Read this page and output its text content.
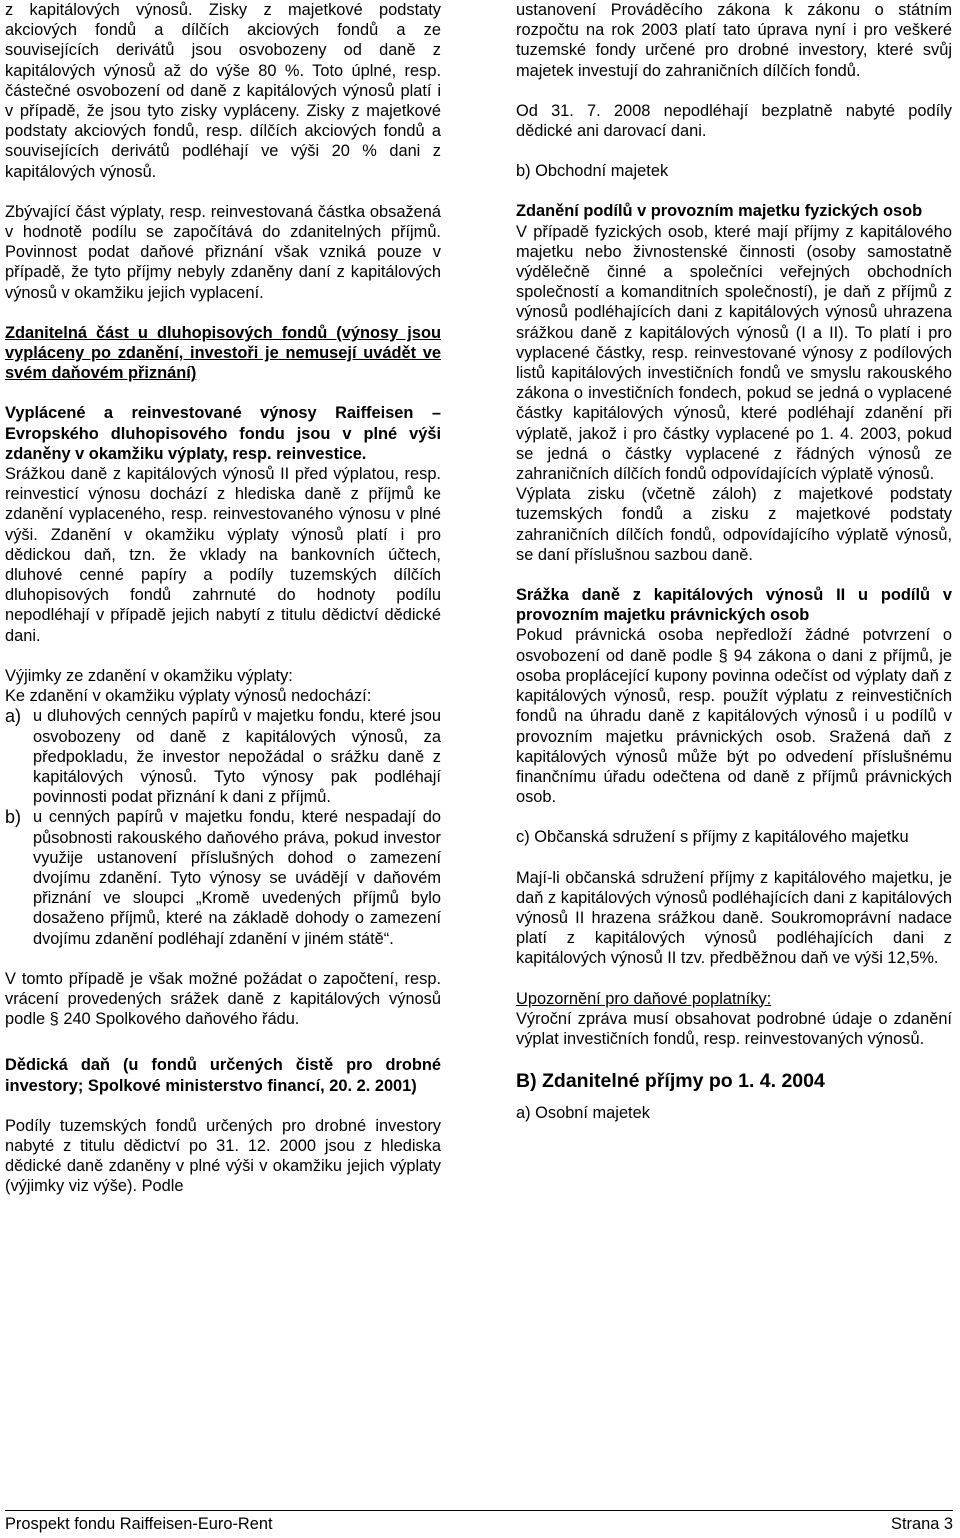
z kapitálových výnosů. Zisky z majetkové podstaty akciových fondů a dílčích akciových fondů a ze souvisejících derivátů jsou osvobozeny od daně z kapitálových výnosů až do výše 80 %. Toto úplné, resp. částečné osvobození od daně z kapitálových výnosů platí i v případě, že jsou tyto zisky vypláceny. Zisky z majetkové podstaty akciových fondů, resp. dílčích akciových fondů a souvisejících derivátů podléhají ve výši 20 % dani z kapitálových výnosů.

Zbývající část výplaty, resp. reinvestovaná částka obsažená v hodnotě podílu se započítává do zdanitelných příjmů. Povinnost podat daňové přiznání však vzniká pouze v případě, že tyto příjmy nebyly zdaněny daní z kapitálových výnosů v okamžiku jejich vyplacení.

Zdanitelná část u dluhopisových fondů (výnosy jsou vypláceny po zdanění, investoři je nemusejí uvádět ve svém daňovém přiznání)

Vyplácené a reinvestované výnosy Raiffeisen – Evropského dluhopisového fondu jsou v plné výši zdaněny v okamžiku výplaty, resp. reinvestice.

Srážkou daně z kapitálových výnosů II před výplatou, resp. reinvesticí výnosu dochází z hlediska daně z příjmů ke zdanění vyplaceného, resp. reinvestovaného výnosu v plné výši. Zdanění v okamžiku výplaty výnosů platí i pro dědickou daň, tzn. že vklady na bankovních účtech, dluhové cenné papíry a podíly tuzemských dílčích dluhopisových fondů zahrnuté do hodnoty podílu nepodléhají v případě jejich nabytí z titulu dědictví dědické dani.

Výjimky ze zdanění v okamžiku výplaty:

Ke zdanění v okamžiku výplaty výnosů nedochází:

a) u dluhových cenných papírů v majetku fondu, které jsou osvobozeny od daně z kapitálových výnosů, za předpokladu, že investor nepožádal o srážku daně z kapitálových výnosů. Tyto výnosy pak podléhají povinnosti podat přiznání k dani z příjmů.

b) u cenných papírů v majetku fondu, které nespadají do působnosti rakouského daňového práva, pokud investor využije ustanovení příslušných dohod o zamezení dvojímu zdanění. Tyto výnosy se uvádějí v daňovém přiznání ve sloupci „Kromě uvedených příjmů bylo dosaženo příjmů, které na základě dohody o zamezení dvojímu zdanění podléhají zdanění v jiném státě“.

V tomto případě je však možné požádat o započtení, resp. vrácení provedených srážek daně z kapitálových výnosů podle § 240 Spolkového daňového řádu.

Dědická daň (u fondů určených čistě pro drobné investory; Spolkové ministerstvo financí, 20. 2. 2001)

Podíly tuzemských fondů určených pro drobné investory nabyté z titulu dědictví po 31. 12. 2000 jsou z hlediska dědické daně zdaněny v plné výši v okamžiku jejich výplaty (výjimky viz výše). Podle

ustanovení Prováděcího zákona k zákonu o státním rozpočtu na rok 2003 platí tato úprava nyní i pro veškeré tuzemské fondy určené pro drobné investory, které svůj majetek investují do zahraničních dílčích fondů.

Od 31. 7. 2008 nepodléhají bezplatně nabyté podíly dědické ani darovací dani.

b) Obchodní majetek

Zdanění podílů v provozním majetku fyzických osob

V případě fyzických osob, které mají příjmy z kapitálového majetku nebo živnostenské činnosti (osoby samostatně výdělečně činné a společníci veřejných obchodních společností a komanditních společností), je daň z příjmů z výnosů podléhajících dani z kapitálových výnosů uhrazena srážkou daně z kapitálových výnosů (I a II). To platí i pro vyplacené částky, resp. reinvestované výnosy z podílových listů kapitálových investičních fondů ve smyslu rakouského zákona o investičních fondech, pokud se jedná o vyplacené částky kapitálových výnosů, které podléhají zdanění při výplatě, jakož i pro částky vyplacené po 1. 4. 2003, pokud se jedná o částky vyplacené z řádných výnosů ze zahraničních dílčích fondů odpovídajících výplatě výnosů.

Výplata zisku (včetně záloh) z majetkové podstaty tuzemských fondů a zisku z majetkové podstaty zahraničních dílčích fondů, odpovídajícího výplatě výnosů, se daní příslušnou sazbou daně.

Srážka daně z kapitálových výnosů II u podílů v provozním majetku právnických osob

Pokud právnická osoba nepředloží žádné potvrzení o osvobození od daně podle § 94 zákona o dani z příjmů, je osoba proplácející kupony povinna odečíst od výplaty daň z kapitálových výnosů, resp. použít výplatu z reinvestičních fondů na úhradu daně z kapitálových výnosů i u podílů v provozním majetku právnických osob. Sražená daň z kapitálových výnosů může být po odvedení příslušnému finančnímu úřadu odečtena od daně z příjmů právnických osob.

c) Občanská sdružení s příjmy z kapitálového majetku

Mají-li občanská sdružení příjmy z kapitálového majetku, je daň z kapitálových výnosů podléhajících dani z kapitálových výnosů II hrazena srážkou daně. Soukromoprávní nadace platí z kapitálových výnosů podléhajících dani z kapitálových výnosů II tzv. předběžnou daň ve výši 12,5%.

Upozornění pro daňové poplatníky:

Výroční zpráva musí obsahovat podrobné údaje o zdanění výplat investičních fondů, resp. reinvestovaných výnosů.

B) Zdanitelné příjmy po 1. 4. 2004

a) Osobní majetek

Prospekt fondu Raiffeisen-Euro-Rent	Strana 3
